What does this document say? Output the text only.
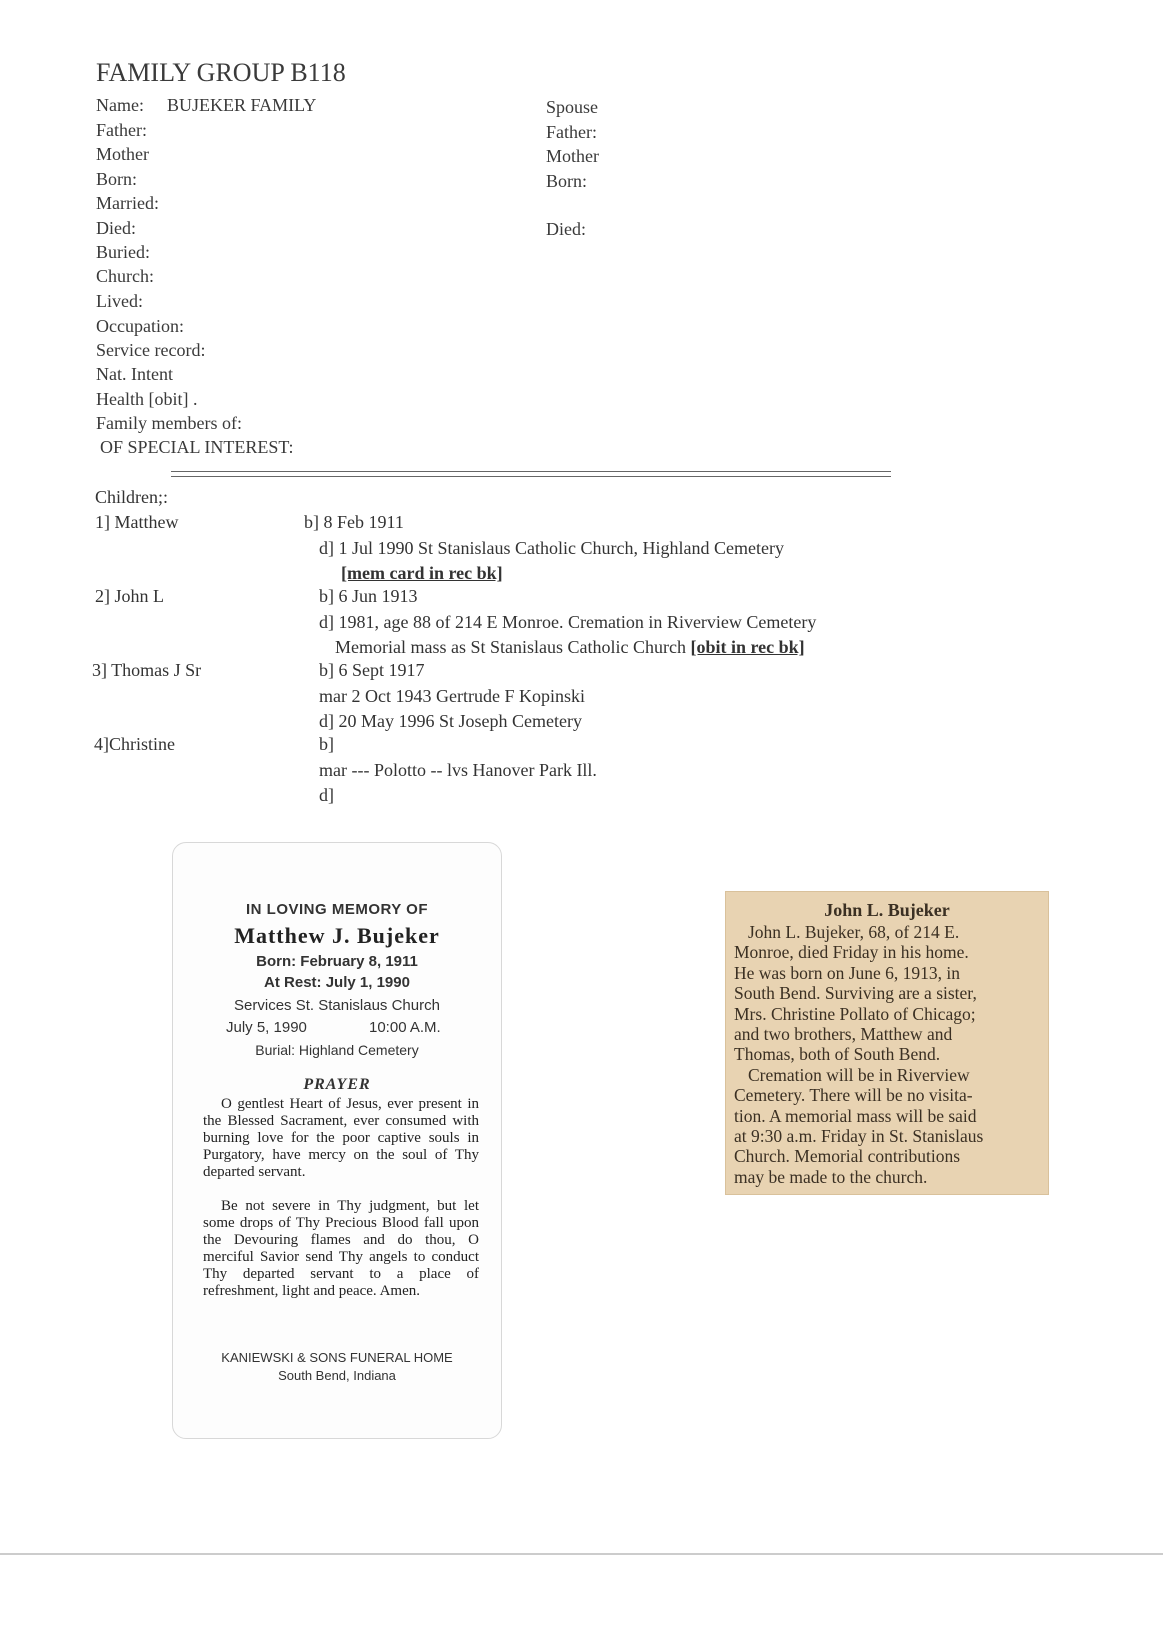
FAMILY GROUP B118
Name: BUJEKER FAMILY
Father:
Mother
Born:
Married:
Died:
Buried:
Church:
Lived:
Occupation:
Service record:
Nat. Intent
Health [obit] .
Family members of:
OF SPECIAL INTEREST:
Spouse
Father:
Mother
Born:
Died:
Children;:
1] Matthew	b] 8 Feb 1911
d] 1 Jul 1990 St Stanislaus Catholic Church, Highland Cemetery
[mem card in rec bk]
2] John L	b] 6 Jun 1913
d] 1981, age 88 of 214 E Monroe. Cremation in Riverview Cemetery
Memorial mass as St Stanislaus Catholic Church [obit in rec bk]
3] Thomas J Sr	b] 6 Sept 1917
mar 2 Oct 1943 Gertrude F Kopinski
d] 20 May 1996 St Joseph Cemetery
4]Christine	b]
mar --- Polotto -- lvs Hanover Park Ill.
d]
IN LOVING MEMORY OF
Matthew J. Bujeker
Born: February 8, 1911
At Rest: July 1, 1990
Services St. Stanislaus Church
July 5, 1990	10:00 A.M.
Burial: Highland Cemetery
PRAYER
O gentlest Heart of Jesus, ever present in the Blessed Sacrament, ever consumed with burning love for the poor captive souls in Purgatory, have mercy on the soul of Thy departed servant.
Be not severe in Thy judgment, but let some drops of Thy Precious Blood fall upon the Devouring flames and do thou, O merciful Savior send Thy angels to conduct Thy departed servant to a place of refreshment, light and peace. Amen.
KANIEWSKI & SONS FUNERAL HOME
South Bend, Indiana
John L. Bujeker
John L. Bujeker, 68, of 214 E.
Monroe, died Friday in his home.
He was born on June 6, 1913, in
South Bend. Surviving are a sister,
Mrs. Christine Pollato of Chicago;
and two brothers, Matthew and
Thomas, both of South Bend.
Cremation will be in Riverview
Cemetery. There will be no visita-
tion. A memorial mass will be said
at 9:30 a.m. Friday in St. Stanislaus
Church. Memorial contributions
may be made to the church.
